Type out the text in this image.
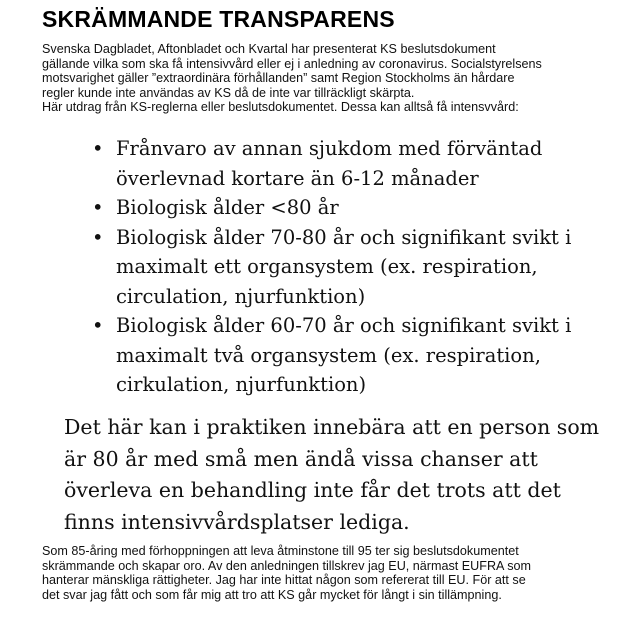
SKRÄMMANDE TRANSPARENS

Svenska Dagbladet, Aftonbladet och Kvartal har presenterat KS beslutsdokument

gällande vilka som ska få intensivvård eller ej i anledning av coronavirus. Socialstyrelsens

motsvarighet gäller ”extraordinära förhållanden” samt Region Stockholms än hårdare

regler kunde inte användas av KS då de inte var tillräckligt skärpta.

Här utdrag från KS-reglerna eller beslutsdokumentet. Dessa kan alltså få intensvvård:

• Frånvaro av annan sjukdom med förväntad
överlevnad kortare än 6-12 månader
• Biologisk ålder <80 år
• Biologisk ålder 70-80 år och signifikant svikt i
maximalt ett organsystem (ex. respiration,
circulation, njurfunktion)
• Biologisk ålder 60-70 år och signifikant svikt i
maximalt två organsystem (ex. respiration,
cirkulation, njurfunktion)
Det här kan i praktiken innebära att en person som
är 80 år med små men ändå vissa chanser att
överleva en behandling inte får det trots att det
finns intensivvårdsplatser lediga.

Som 85-åring med förhoppningen att leva åtminstone till 95 ter sig beslutsdokumentet

skrämmande och skapar oro. Av den anledningen tillskrev jag EU, närmast EUFRA som

hanterar mänskliga rättigheter. Jag har inte hittat någon som refererat till EU. För att se

det svar jag fått och som får mig att tro att KS går mycket för långt i sin tillämpning.
